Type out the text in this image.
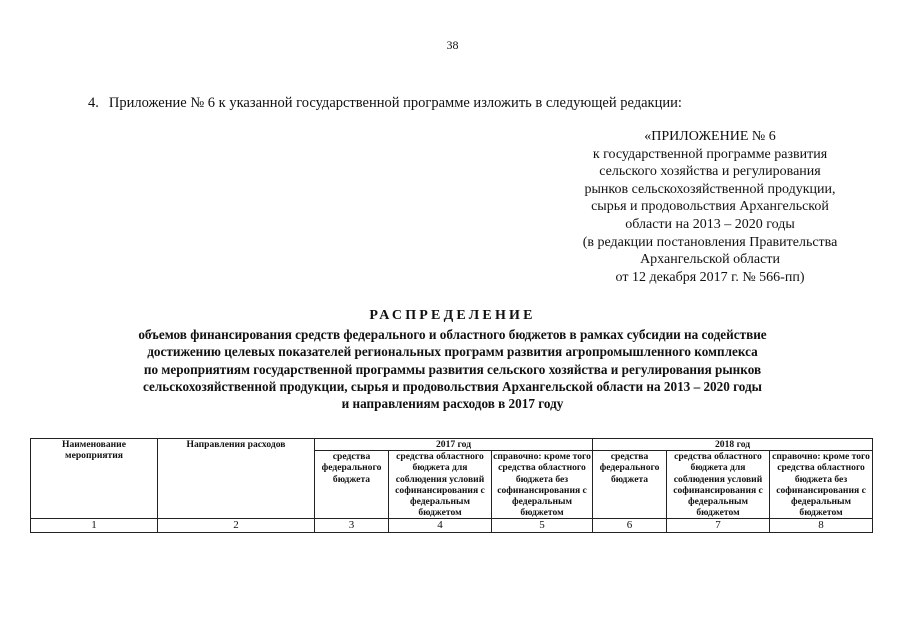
38
4. Приложение № 6 к указанной государственной программе изложить в следующей редакции:
«ПРИЛОЖЕНИЕ № 6
к государственной программе развития
сельского хозяйства и регулирования
рынков сельскохозяйственной продукции,
сырья и продовольствия Архангельской
области на 2013 – 2020 годы
(в редакции постановления Правительства
Архангельской области
от 12 декабря 2017 г. № 566-пп)
РАСПРЕДЕЛЕНИЕ
объемов финансирования средств федерального и областного бюджетов в рамках субсидии на содействие
достижению целевых показателей региональных программ развития агропромышленного комплекса
по мероприятиям государственной программы развития сельского хозяйства и регулирования рынков
сельскохозяйственной продукции, сырья и продовольствия Архангельской области на 2013 – 2020 годы
и направлениям расходов в 2017 году
Наименование мероприятия	Направления расходов	2017 год			2018 год		
		средства федерального бюджета	средства областного бюджета для соблюдения условий софинансирования с федеральным бюджетом	справочно: кроме того средства областного бюджета без софинансирования с федеральным бюджетом	средства федерального бюджета	средства областного бюджета для соблюдения условий софинансирования с федеральным бюджетом	справочно: кроме того средства областного бюджета без софинансирования с федеральным бюджетом
1	2	3	4	5	6	7	8
